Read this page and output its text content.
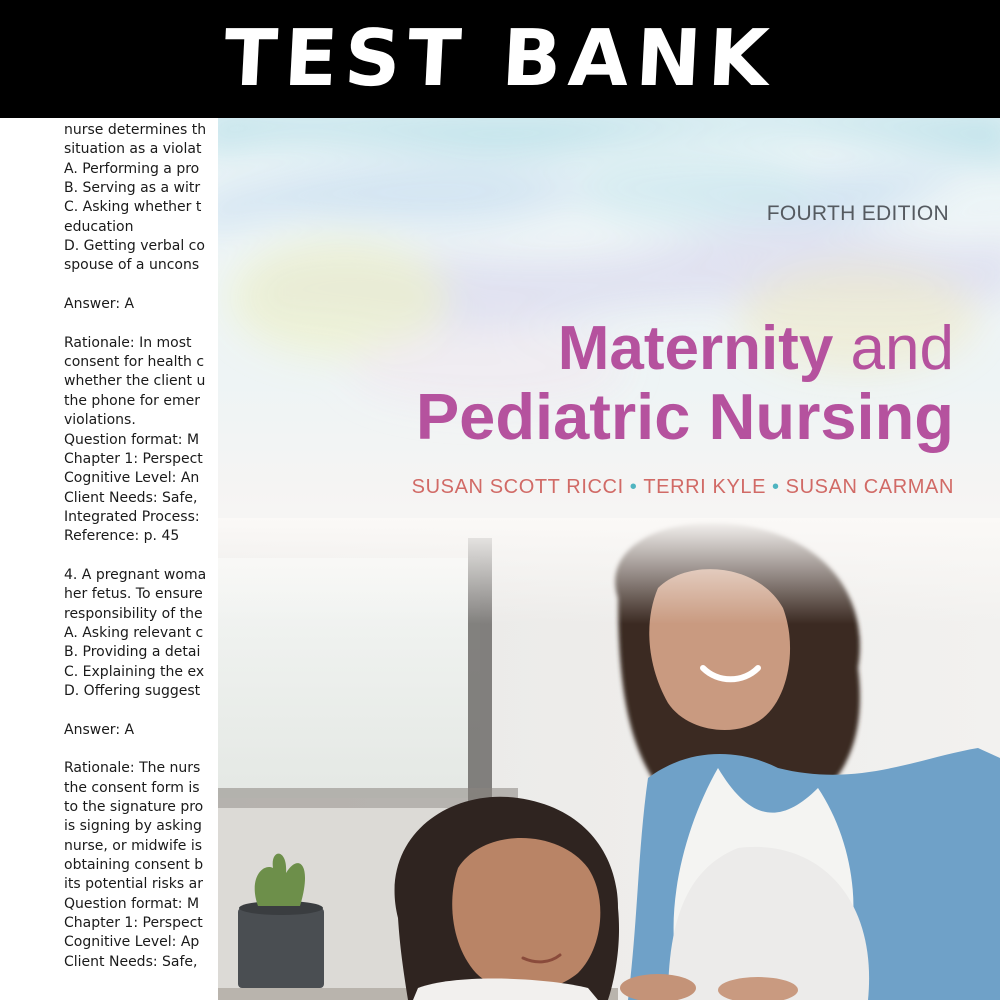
TEST BANK
nurse determines th
situation as a violat
A. Performing a pro
B. Serving as a witr
C. Asking whether t
education
D. Getting verbal co
spouse of a uncons
Answer: A
Rationale: In most
consent for health c
whether the client u
the phone for emer
violations.
Question format: M
Chapter 1: Perspect
Cognitive Level: An
Client Needs: Safe,
Integrated Process:
Reference: p. 45
4. A pregnant woma
her fetus. To ensure
responsibility of the
A. Asking relevant c
B. Providing a detai
C. Explaining the ex
D. Offering suggest
Answer: A
Rationale: The nurs
the consent form is
to the signature pro
is signing by asking
nurse, or midwife is
obtaining consent b
its potential risks ar
Question format: M
Chapter 1: Perspect
Cognitive Level: Ap
Client Needs: Safe,
FOURTH EDITION
Maternity and
Pediatric Nursing
SUSAN SCOTT RICCI • TERRI KYLE • SUSAN CARMAN
